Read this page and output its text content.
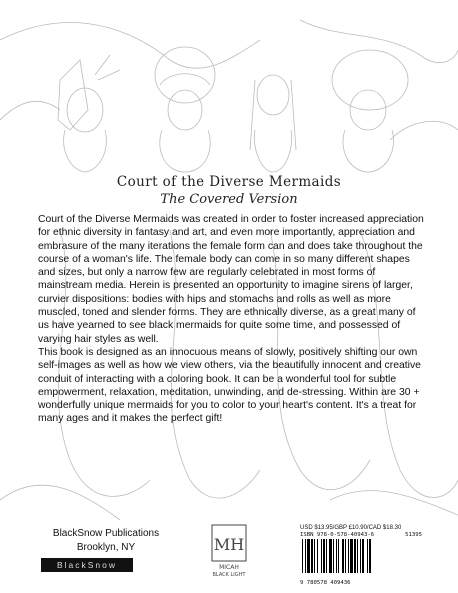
Court of the Diverse Mermaids
The Covered Version

Court of the Diverse Mermaids was created in order to foster increased appreciation for ethnic diversity in fantasy and art, and even more importantly, appreciation and embrasure of the many iterations the female form can and does take throughout the course of a woman's life. The female body can come in so many different shapes and sizes, but only a narrow few are regularly celebrated in most forms of mainstream media. Herein is presented an opportunity to imagine sirens of larger, curvier dispositions: bodies with hips and stomachs and rolls as well as more muscled, toned and slender forms. They are ethnically diverse, as a great many of us have yearned to see black mermaids for quite some time, and possessed of varying hair styles as well.

This book is designed as an innocuous means of slowly, positively shifting our own self-images as well as how we view others, via the beautifully innocent and creative conduit of interacting with a coloring book. It can be a wonderful tool for subtle empowerment, relaxation, meditation, unwinding, and de-stressing. Within are 30 + wonderfully unique mermaids for you to color to your heart's content. It's a treat for many ages and it makes the perfect gift!

BlackSnow Publications
Brooklyn, NY
BlackSnow
MH
MICAH
BLACK LIGHT
USD $13.95/GBP £10.90/CAD $18.30
ISBN 978-0-578-40943-6	51395
9 780578 409436
